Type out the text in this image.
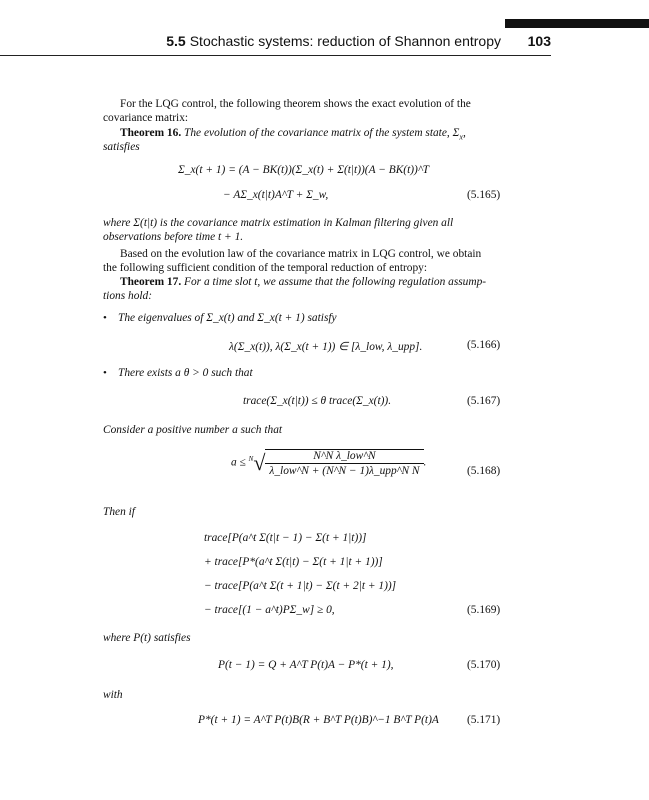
5.5 Stochastic systems: reduction of Shannon entropy 103
For the LQG control, the following theorem shows the exact evolution of the
covariance matrix:
Theorem 16. The evolution of the covariance matrix of the system state, $\Sigma_x$,
satisfies
Σ_x(t + 1) = (A − BK(t))(Σ_x(t) + Σ(t|t))(A − BK(t))^T
− AΣ_x(t|t)A^T + Σ_w,	(5.165)
where Σ(t|t) is the covariance matrix estimation in Kalman filtering given all
observations before time t + 1.
Based on the evolution law of the covariance matrix in LQG control, we obtain
the following sufficient condition of the temporal reduction of entropy:
Theorem 17. For a time slot t, we assume that the following regulation assump-
tions hold:
• The eigenvalues of Σ_x(t) and Σ_x(t + 1) satisfy
λ(Σ_x(t)), λ(Σ_x(t + 1)) ∈ [λ_low, λ_upp].	(5.166)
• There exists a θ > 0 such that
trace(Σ_x(t|t)) ≤ θ trace(Σ_x(t)).	(5.167)
Consider a positive number a such that
$a \le ^N√ \frac{\text{N\textasciicircum{}N λ\_low\textasciicircum{}N}}{\text{λ\_low\textasciicircum{}N + (N\textasciicircum{}N − 1)λ\_upp\textasciicircum{}N N}}$ .
(5.168)
Then if
trace[P(a^t Σ(t|t − 1) − Σ(t + 1|t))]
+ trace[P*(a^t Σ(t|t) − Σ(t + 1|t + 1))]
− trace[P(a^t Σ(t + 1|t) − Σ(t + 2|t + 1))]
− trace[(1 − a^t)PΣ_w] ≥ 0,	(5.169)
where P(t) satisfies
P(t − 1) = Q + A^T P(t)A − P*(t + 1),	(5.170)
with
P*(t + 1) = A^T P(t)B(R + B^T P(t)B)^−1 B^T P(t)A (5.171)
